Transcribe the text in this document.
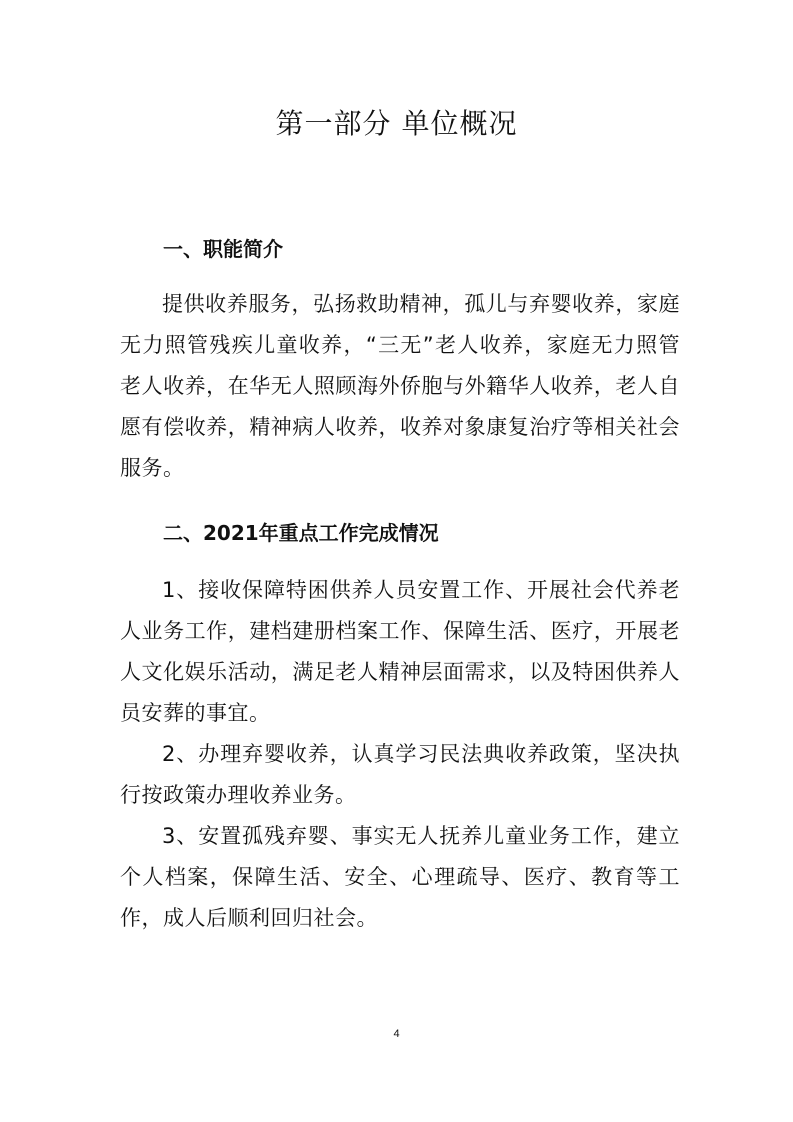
第一部分 单位概况
一、职能简介

提供收养服务，弘扬救助精神，孤儿与弃婴收养，家庭无力照管残疾儿童收养，“三无”老人收养，家庭无力照管老人收养，在华无人照顾海外侨胞与外籍华人收养，老人自愿有偿收养，精神病人收养，收养对象康复治疗等相关社会服务。

二、2021年重点工作完成情况

1、接收保障特困供养人员安置工作、开展社会代养老人业务工作，建档建册档案工作、保障生活、医疗，开展老人文化娱乐活动，满足老人精神层面需求，以及特困供养人员安葬的事宜。

2、办理弃婴收养，认真学习民法典收养政策，坚决执行按政策办理收养业务。

3、安置孤残弃婴、事实无人抚养儿童业务工作，建立个人档案，保障生活、安全、心理疏导、医疗、教育等工作，成人后顺利回归社会。

4
